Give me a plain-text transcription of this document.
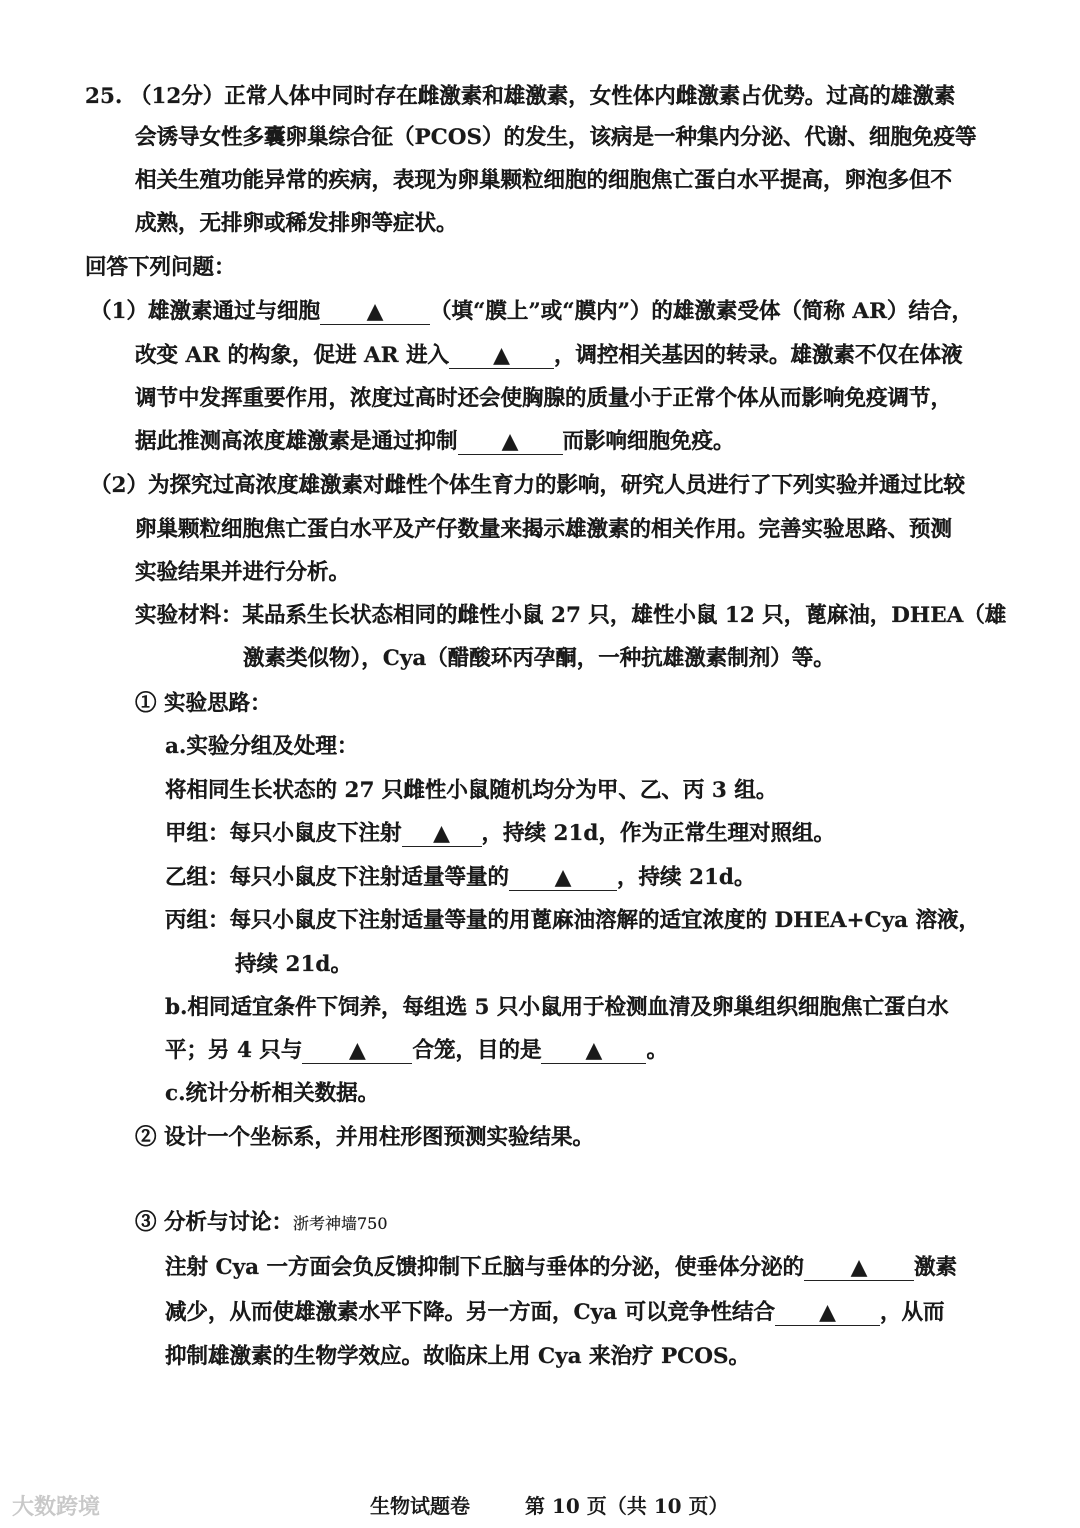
25. （12分）正常人体中同时存在雌激素和雄激素，女性体内雌激素占优势。过高的雄激素
会诱导女性多囊卵巢综合征（PCOS）的发生，该病是一种集内分泌、代谢、细胞免疫等
相关生殖功能异常的疾病，表现为卵巢颗粒细胞的细胞焦亡蛋白水平提高，卵泡多但不
成熟，无排卵或稀发排卵等症状。
回答下列问题：
（1）雄激素通过与细胞 ▲ （填“膜上”或“膜内”）的雄激素受体（简称 AR）结合，
改变 AR 的构象，促进 AR 进入 ▲ ，调控相关基因的转录。雄激素不仅在体液
调节中发挥重要作用，浓度过高时还会使胸腺的质量小于正常个体从而影响免疫调节，
据此推测高浓度雄激素是通过抑制 ▲ 而影响细胞免疫。
（2）为探究过高浓度雄激素对雌性个体生育力的影响，研究人员进行了下列实验并通过比较
卵巢颗粒细胞焦亡蛋白水平及产仔数量来揭示雄激素的相关作用。完善实验思路、预测
实验结果并进行分析。
实验材料：某品系生长状态相同的雌性小鼠 27 只，雄性小鼠 12 只，蓖麻油，DHEA（雄
激素类似物），Cya（醋酸环丙孕酮，一种抗雄激素制剂）等。
① 实验思路：
a.实验分组及处理：
将相同生长状态的 27 只雌性小鼠随机均分为甲、乙、丙 3 组。
甲组：每只小鼠皮下注射 ▲ ，持续 21d，作为正常生理对照组。
乙组：每只小鼠皮下注射适量等量的 ▲ ，持续 21d。
丙组：每只小鼠皮下注射适量等量的用蓖麻油溶解的适宜浓度的 DHEA+Cya 溶液，
持续 21d。
b.相同适宜条件下饲养，每组选 5 只小鼠用于检测血清及卵巢组织细胞焦亡蛋白水
平；另 4 只与 ▲ 合笼，目的是 ▲ 。
c.统计分析相关数据。
② 设计一个坐标系，并用柱形图预测实验结果。
③ 分析与讨论：浙考神墙750
注射 Cya 一方面会负反馈抑制下丘脑与垂体的分泌，使垂体分泌的 ▲ 激素
减少，从而使雄激素水平下降。另一方面，Cya 可以竞争性结合 ▲ ，从而
抑制雄激素的生物学效应。故临床上用 Cya 来治疗 PCOS。
生物试题卷	第 10 页（共 10 页）
大数跨境
